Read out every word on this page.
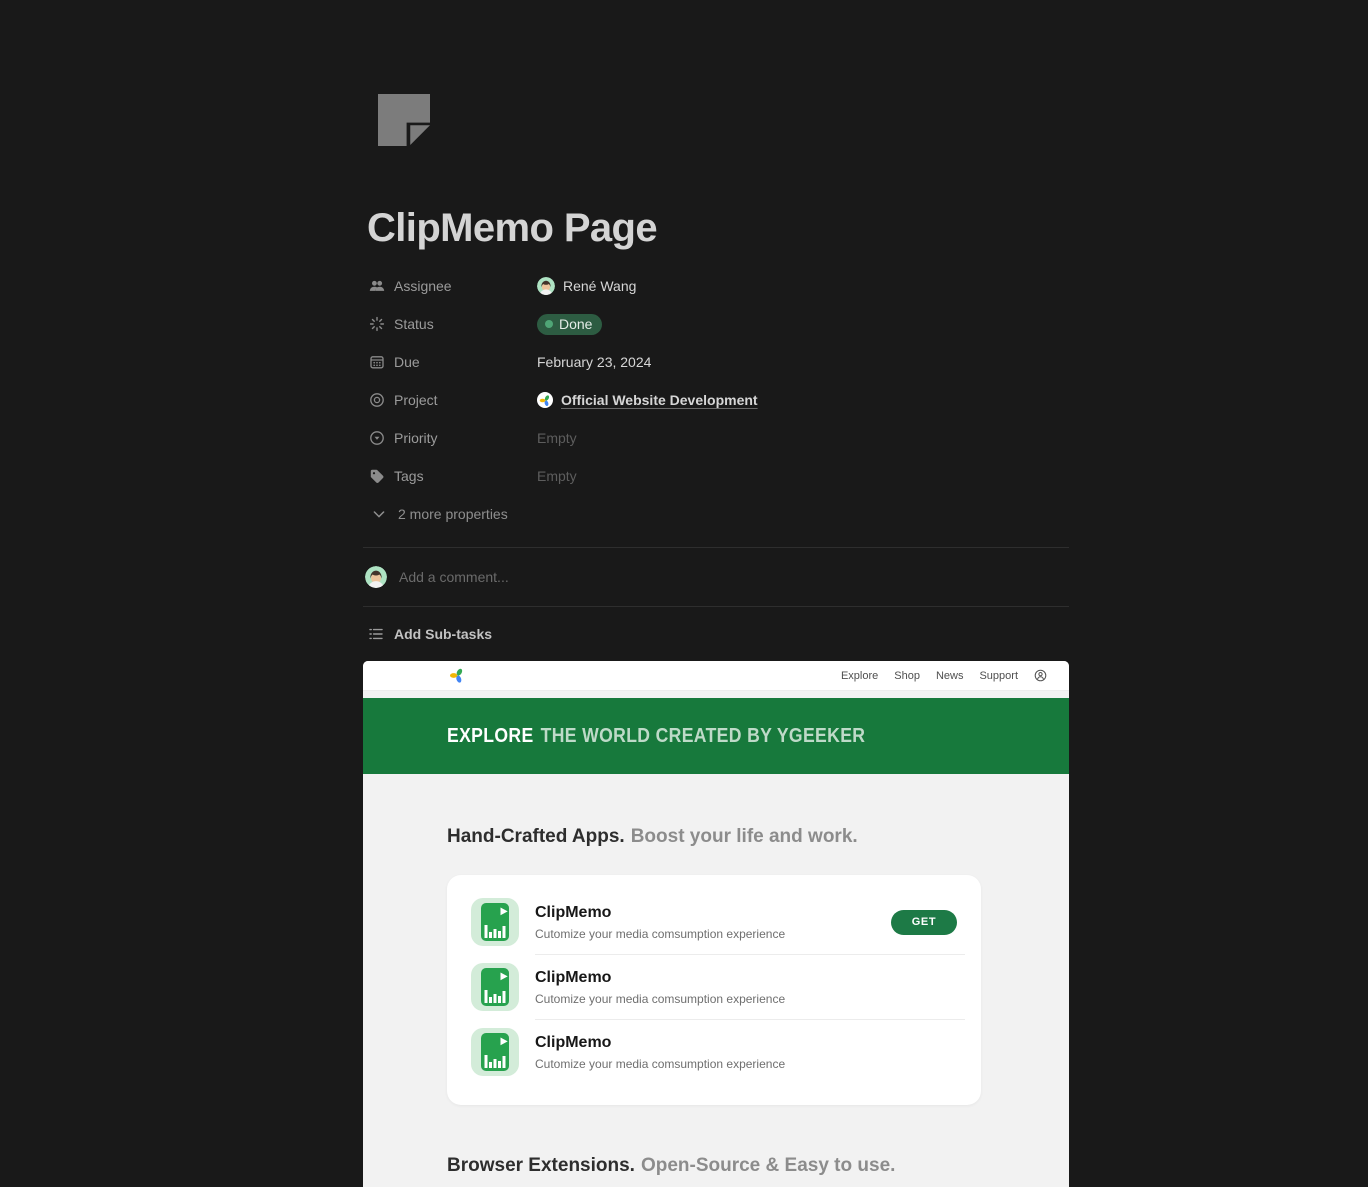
ClipMemo Page
Assignee	René Wang
Status	Done
Due	February 23, 2024
Project	Official Website Development
Priority	Empty
Tags	Empty
2 more properties
Add a comment...
Add Sub-tasks
Explore Shop News Support
EXPLORE THE WORLD CREATED BY YGEEKER
Hand-Crafted Apps. Boost your life and work.
ClipMemo
Cutomize your media comsumption experience
GET
ClipMemo
Cutomize your media comsumption experience
ClipMemo
Cutomize your media comsumption experience
Browser Extensions. Open-Source & Easy to use.
